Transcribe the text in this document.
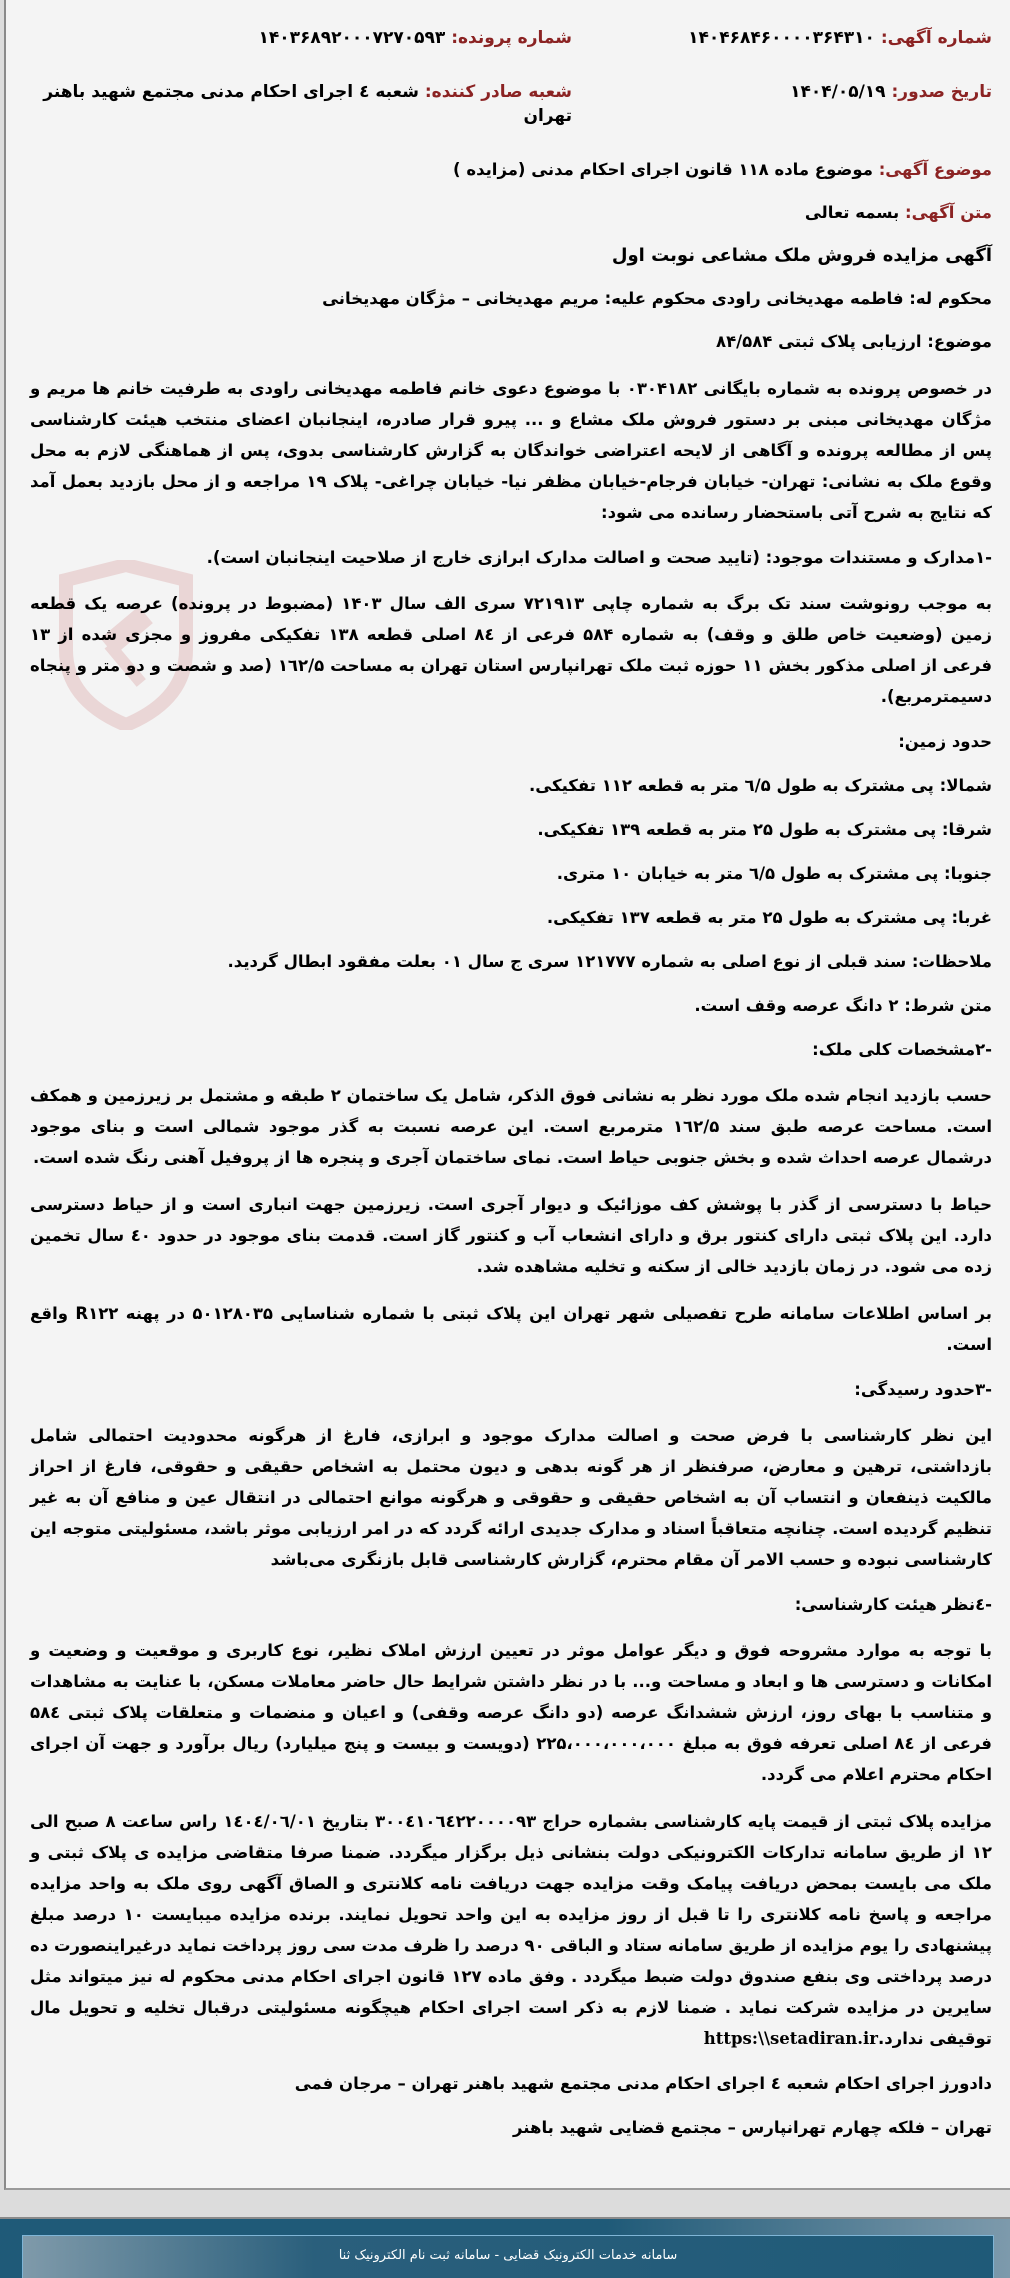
شماره آگهی: ۱۴۰۴۶۸۴۶۰۰۰۰۳۶۴۳۱۰
شماره پرونده: ۱۴۰۳۶۸۹۲۰۰۰۷۲۷۰۵۹۳
تاریخ صدور: ۱۴۰۴/۰۵/۱۹
شعبه صادر کننده: شعبه ٤ اجرای احکام مدنی مجتمع شهید باهنر تهران
موضوع آگهی: موضوع ماده ۱۱۸ قانون اجرای احکام مدنی (مزایده )
متن آگهی: بسمه تعالی
آگهی مزایده فروش ملک مشاعی نوبت اول
محکوم له: فاطمه مهدیخانی راودی محکوم علیه: مریم مهدیخانی – مژگان مهدیخانی
موضوع: ارزیابی پلاک ثبتی ۸۴/۵۸۴

در خصوص پرونده به شماره بایگانی ۰۳۰۴۱۸۲ با موضوع دعوی خانم فاطمه مهدیخانی راودی به طرفیت خانم ها مریم و مژگان مهدیخانی مبنی بر دستور فروش ملک مشاع و ... پیرو قرار صادره، اینجانبان اعضای منتخب هیئت کارشناسی پس از مطالعه پرونده و آگاهی از لایحه اعتراضی خواندگان به گزارش کارشناسی بدوی، پس از هماهنگی لازم به محل وقوع ملک به نشانی: تهران- خیابان فرجام-خیابان مظفر نیا- خیابان چراغی- پلاک ۱۹ مراجعه و از محل بازدید بعمل آمد که نتایج به شرح آتی باستحضار رسانده می شود:

-۱مدارک و مستندات موجود: (تایید صحت و اصالت مدارک ابرازی خارج از صلاحیت اینجانبان است).

به موجب رونوشت سند تک برگ به شماره چاپی ۷۲۱۹۱۳ سری الف سال ۱۴۰۳ (مضبوط در پرونده) عرصه یک قطعه زمین (وضعیت خاص طلق و وقف) به شماره ۵۸۴ فرعی از ۸٤ اصلی قطعه ۱۳۸ تفکیکی مفروز و مجزی شده از ۱۳ فرعی از اصلی مذکور بخش ۱۱ حوزه ثبت ملک تهرانپارس استان تهران به مساحت ۱٦۲/۵ (صد و شصت و دو متر و پنجاه دسیمترمربع).

حدود زمین:
شمالا: پی مشترک به طول ٦/۵ متر به قطعه ۱۱۲ تفکیکی.
شرقا: پی مشترک به طول ۲۵ متر به قطعه ۱۳۹ تفکیکی.
جنوبا: پی مشترک به طول ٦/۵ متر به خیابان ۱۰ متری.
غربا: پی مشترک به طول ۲۵ متر به قطعه ۱۳۷ تفکیکی.
ملاحظات: سند قبلی از نوع اصلی به شماره ۱۲۱۷۷۷ سری ج سال ۰۱ بعلت مفقود ابطال گردید.
متن شرط: ۲ دانگ عرصه وقف است.
-۲مشخصات کلی ملک:

حسب بازدید انجام شده ملک مورد نظر به نشانی فوق الذکر، شامل یک ساختمان ۲ طبقه و مشتمل بر زیرزمین و همکف است. مساحت عرصه طبق سند ۱٦۲/۵ مترمربع است. این عرصه نسبت به گذر موجود شمالی است و بنای موجود درشمال عرصه احداث شده و بخش جنوبی حیاط است. نمای ساختمان آجری و پنجره ها از پروفیل آهنی رنگ شده است.

حیاط با دسترسی از گذر با پوشش کف موزائیک و دیوار آجری است. زیرزمین جهت انباری است و از حیاط دسترسی دارد. این پلاک ثبتی دارای کنتور برق و دارای انشعاب آب و کنتور گاز است. قدمت بنای موجود در حدود ٤۰ سال تخمین زده می شود. در زمان بازدید خالی از سکنه و تخلیه مشاهده شد.

بر اساس اطلاعات سامانه طرح تفصیلی شهر تهران این پلاک ثبتی با شماره شناسایی ۵۰۱۲۸۰۳۵ در پهنه R۱۲۲ واقع است.

-۳حدود رسیدگی:

این نظر کارشناسی با فرض صحت و اصالت مدارک موجود و ابرازی، فارغ از هرگونه محدودیت احتمالی شامل بازداشتی، ترهین و معارض، صرفنظر از هر گونه بدهی و دیون محتمل به اشخاص حقیقی و حقوقی، فارغ از احراز مالکیت ذینفعان و انتساب آن به اشخاص حقیقی و حقوقی و هرگونه موانع احتمالی در انتقال عین و منافع آن به غیر تنظیم گردیده است. چنانچه متعاقباً اسناد و مدارک جدیدی ارائه گردد که در امر ارزیابی موثر باشد، مسئولیتی متوجه این کارشناسی نبوده و حسب الامر آن مقام محترم، گزارش کارشناسی قابل بازنگری می‌باشد

-٤نظر هیئت کارشناسی:

با توجه به موارد مشروحه فوق و دیگر عوامل موثر در تعیین ارزش املاک نظیر، نوع کاربری و موقعیت و وضعیت و امکانات و دسترسی ها و ابعاد و مساحت و... با در نظر داشتن شرایط حال حاضر معاملات مسکن، با عنایت به مشاهدات و متناسب با بهای روز، ارزش ششدانگ عرصه (دو دانگ عرصه وقفی) و اعیان و منضمات و متعلقات پلاک ثبتی ۵۸٤ فرعی از ۸٤ اصلی تعرفه فوق به مبلغ ۲۲۵،۰۰۰،۰۰۰،۰۰۰ (دویست و بیست و پنج میلیارد) ریال برآورد و جهت آن اجرای احکام محترم اعلام می گردد.

مزایده پلاک ثبتی از قیمت پایه کارشناسی بشماره حراج ۳۰۰٤۱۰٦٤۲۲۰۰۰۰۹۳ بتاریخ ۱٤۰٤/۰٦/۰۱ راس ساعت ۸ صبح الی ۱۲ از طریق سامانه تدارکات الکترونیکی دولت بنشانی ذیل برگزار میگردد. ضمنا صرفا متقاضی مزایده ی پلاک ثبتی و ملک می بایست بمحض دریافت پیامک وقت مزایده جهت دریافت نامه کلانتری و الصاق آگهی روی ملک به واحد مزایده مراجعه و پاسخ نامه کلانتری را تا قبل از روز مزایده به این واحد تحویل نمایند. برنده مزایده میبایست ۱۰ درصد مبلغ پیشنهادی را یوم مزایده از طریق سامانه ستاد و الباقی ۹۰ درصد را ظرف مدت سی روز پرداخت نماید درغیراینصورت ده درصد پرداختی وی بنفع صندوق دولت ضبط میگردد . وفق ماده ۱۲۷ قانون اجرای احکام مدنی محکوم له نیز میتواند مثل سایرین در مزایده شرکت نماید . ضمنا لازم به ذکر است اجرای احکام هیچگونه مسئولیتی درقبال تخلیه و تحویل مال توقیفی ندارد.https:\\setadiran.ir

دادورز اجرای احکام شعبه ٤ اجرای احکام مدنی مجتمع شهید باهنر تهران – مرجان فمی
تهران – فلکه چهارم تهرانپارس – مجتمع قضایی شهید باهنر
سامانه خدمات الکترونیک قضایی - سامانه ثبت نام الکترونیک ثنا
